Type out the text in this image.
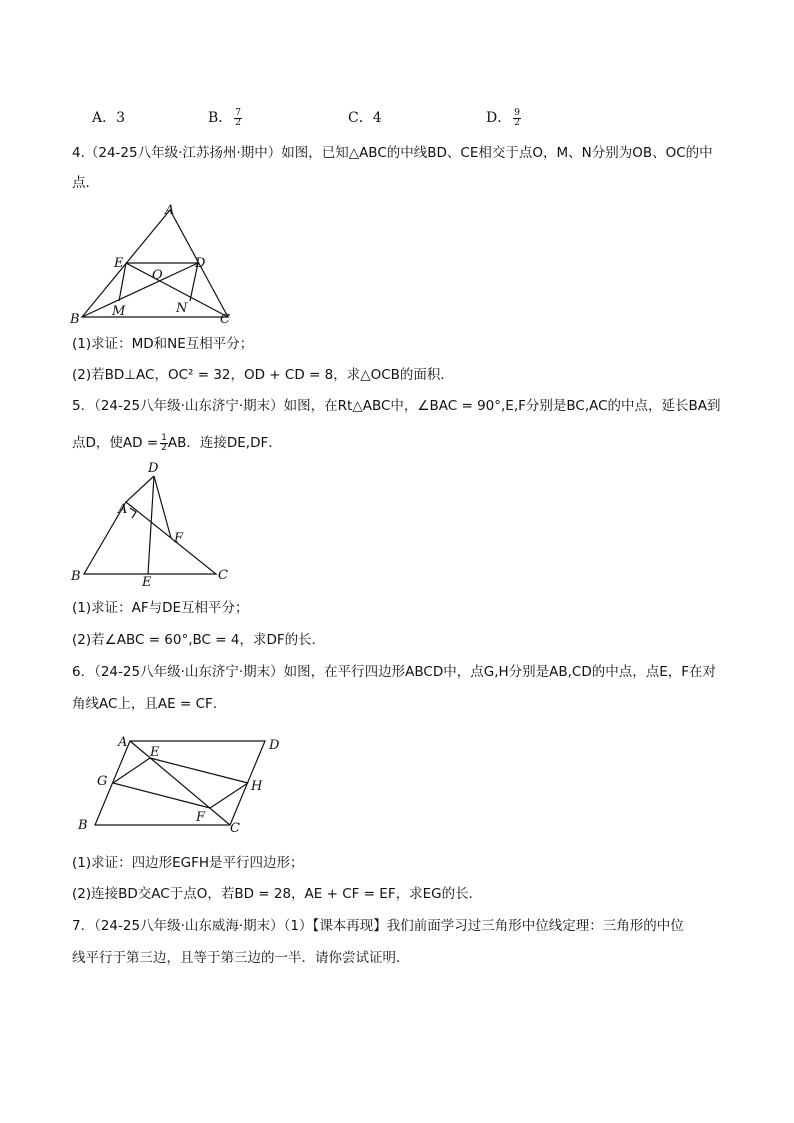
A．3	B． $\frac{7}{2}$	C．4	D． $\frac{9}{2}$
4.（24-25八年级·江苏扬州·期中）如图，已知△ABC的中线BD、CE相交于点O，M、N分别为OB、OC的中
点．
A
B	C
D
E
O
M	N
(1)求证：MD和NE互相平分；
(2)若BD⊥AC，OC² = 32，OD + CD = 8，求△OCB的面积．
5．（24-25八年级·山东济宁·期末）如图，在Rt△ABC中，∠BAC = 90°,E,F分别是BC,AC的中点，延长BA到
点D，使AD = $\frac{1}{2}$ AB．连接DE,DF．
D
A
B	C
E
F
(1)求证：AF与DE互相平分；
(2)若∠ABC = 60°,BC = 4，求DF的长．
6．（24-25八年级·山东济宁·期末）如图，在平行四边形ABCD中，点G,H分别是AB,CD的中点，点E，F在对
角线AC上，且AE = CF．
A	D
E
G	H
F
B	C
(1)求证：四边形EGFH是平行四边形；
(2)连接BD交AC于点O，若BD = 28，AE + CF = EF，求EG的长．
7．（24-25八年级·山东威海·期末）（1）【课本再现】我们前面学习过三角形中位线定理：三角形的中位
线平行于第三边，且等于第三边的一半．请你尝试证明．
